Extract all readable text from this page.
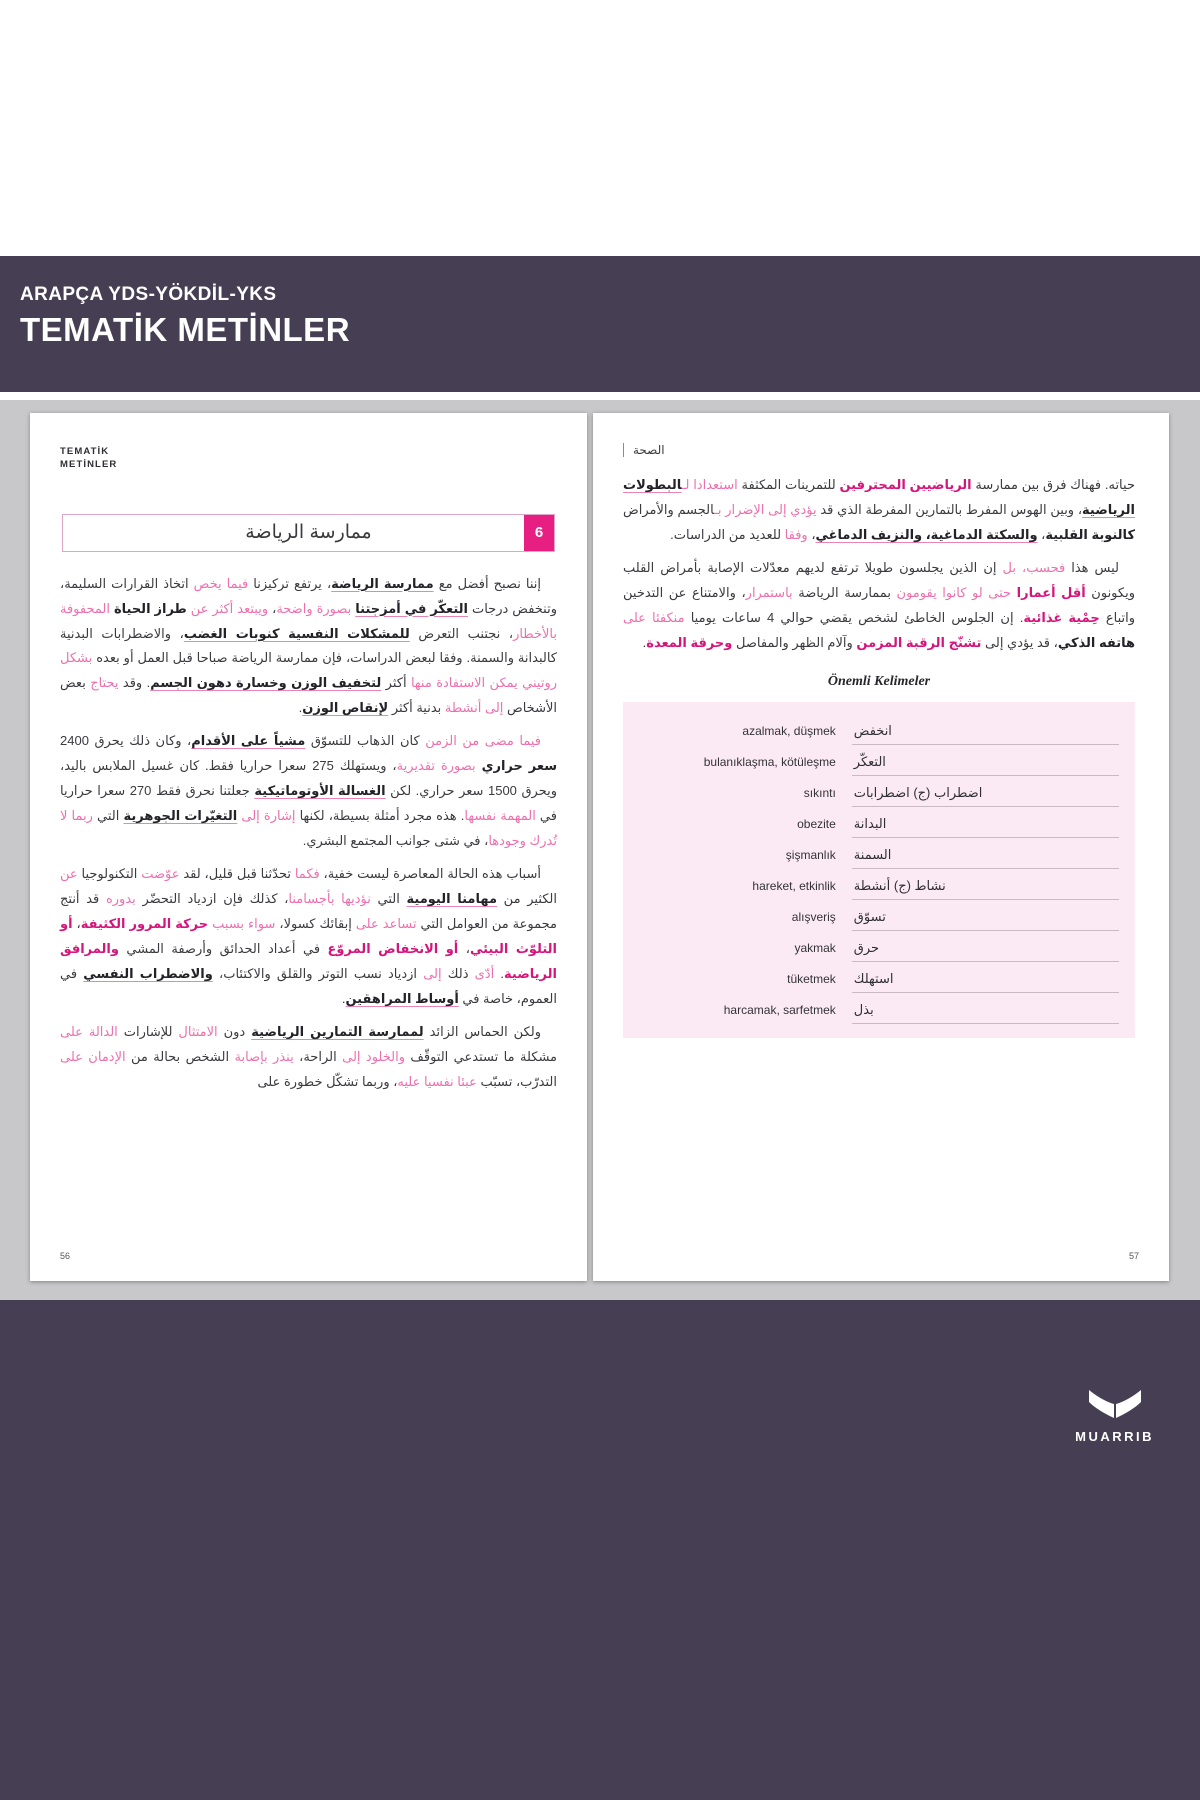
ARAPÇA YDS-YÖKDİL-YKS
TEMATİK METİNLER
TEMATİK
METİNLER
ممارسة الرياضة	6

إننا نصبح أفضل مع ممارسة الرياضة، يرتفع تركيزنا فيما يخص اتخاذ القرارات السليمة، وتنخفض درجات التعكّر في أمزجتنا بصورة واضحة، ويبتعد أكثر عن طراز الحياة المحفوفة بالأخطار، نجتنب التعرض للمشكلات النفسية كنوبات الغضب، والاضطرابات البدنية كالبدانة والسمنة. وفقا لبعض الدراسات، فإن ممارسة الرياضة صباحا قبل العمل أو بعده بشكل روتيني يمكن الاستفادة منها أكثر لتخفيف الوزن وخسارة دهون الجسم. وقد يحتاج بعض الأشخاص إلى أنشطة بدنية أكثر لإنقاص الوزن.

فيما مضى من الزمن كان الذهاب للتسوّق مشياً على الأقدام، وكان ذلك يحرق 2400 سعر حراري بصورة تقديرية، ويستهلك 275 سعرا حراريا فقط. كان غسيل الملابس باليد، ويحرق 1500 سعر حراري. لكن الغسالة الأوتوماتيكية جعلتنا نحرق فقط 270 سعرا حراريا في المهمة نفسها. هذه مجرد أمثلة بسيطة، لكنها إشارة إلى التغيّرات الجوهرية التي ربما لا تُدرك وجودها، في شتى جوانب المجتمع البشري.

أسباب هذه الحالة المعاصرة ليست خفية، فكما تحدّثنا قبل قليل، لقد عوّضت التكنولوجيا عن الكثير من مهامنا اليومية التي نؤديها بأجسامنا، كذلك فإن ازدياد التحضّر بدوره قد أنتج مجموعة من العوامل التي تساعد على إبقائك كسولا، سواء بسبب حركة المرور الكثيفة، أو التلوّث البيئي، أو الانخفاض المروّع في أعداد الحدائق وأرصفة المشي والمرافق الرياضية. أدّى ذلك إلى ازدياد نسب التوتر والقلق والاكتئاب، والاضطراب النفسي في العموم، خاصة في أوساط المراهقين.

ولكن الحماس الزائد لممارسة التمارين الرياضية دون الامتثال للإشارات الدالة على مشكلة ما تستدعي التوقّف والخلود إلى الراحة، ينذر بإصابة الشخص بحالة من الإدمان على التدرّب، تسبّب عبئا نفسيا عليه، وربما تشكّل خطورة على

56
الصحة

حياته. فهناك فرق بين ممارسة الرياضيين المحترفين للتمرينات المكثفة استعدادا لـالبطولات الرياضية، وبين الهوس المفرط بالتمارين المفرطة الذي قد يؤدي إلى الإضرار بـالجسم والأمراض كالنوبة القلبية، والسكتة الدماغية، والنزيف الدماغي، وفقا للعديد من الدراسات.

ليس هذا فحسب، بل إن الذين يجلسون طويلا ترتفع لديهم معدّلات الإصابة بأمراض القلب ويكونون أقل أعمارا حتى لو كانوا يقومون بممارسة الرياضة باستمرار، والامتناع عن التدخين واتباع حِمْية غذائية. إن الجلوس الخاطئ لشخص يقضي حوالي 4 ساعات يوميا منكفئا على هاتفه الذكي، قد يؤدي إلى تشنّج الرقبة المزمن وآلام الظهر والمفاصل وحرقة المعدة.

Önemli Kelimeler
azalmak, düşmek انخفض
bulanıklaşma, kötüleşme التعكّر
sıkıntı اضطراب (ج) اضطرابات
obezite البدانة
şişmanlık السمنة
hareket, etkinlik نشاط (ج) أنشطة
alışveriş تسوّق
yakmak حرق
tüketmek استهلك
harcamak, sarfetmek بذل
57
MUARRIB
